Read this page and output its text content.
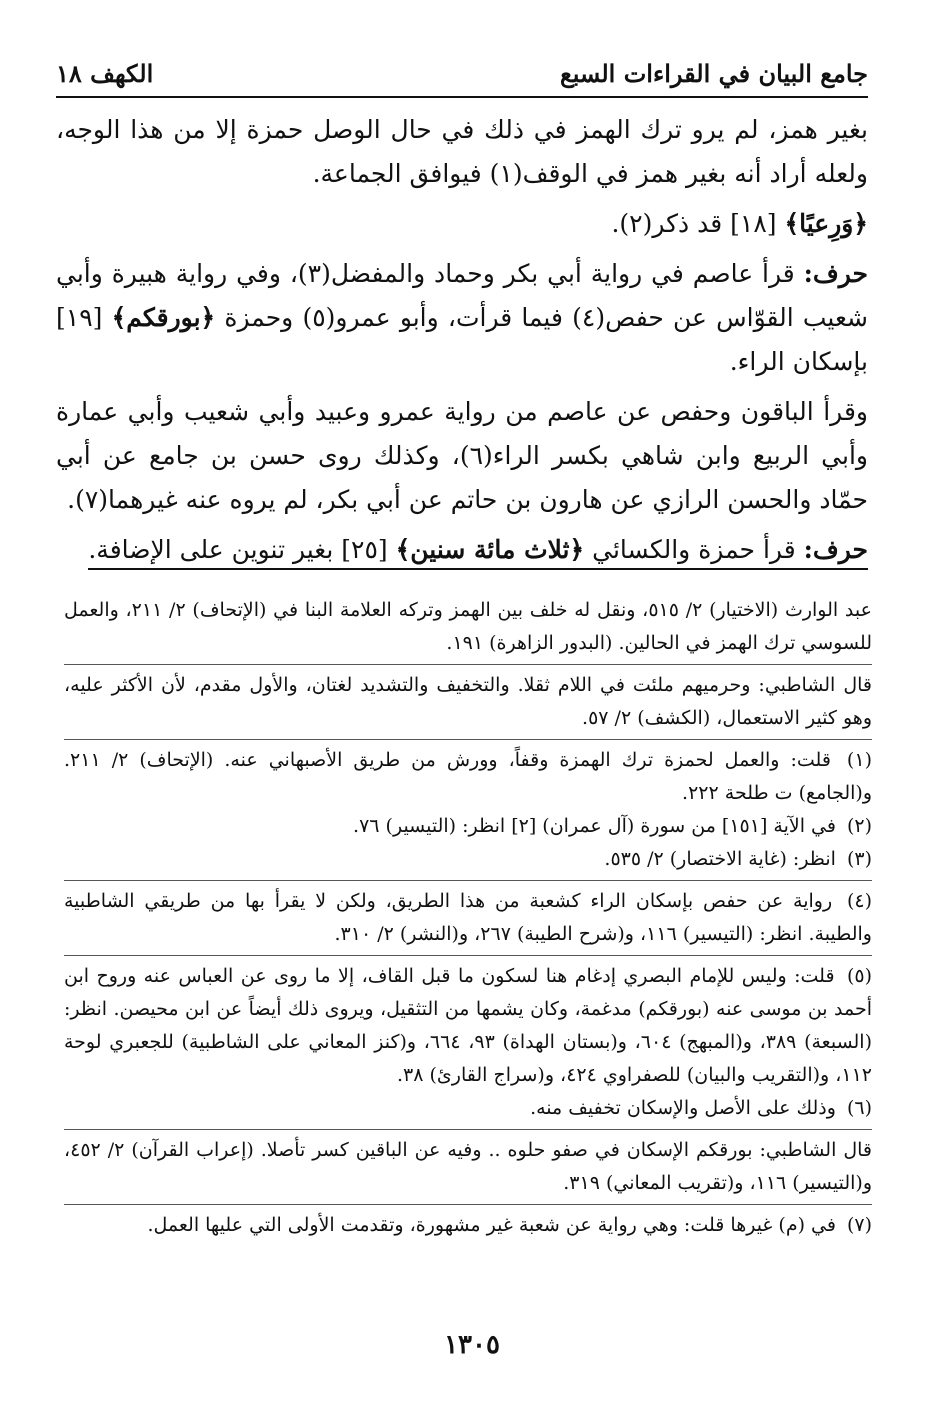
جامع البيان في القراءات السبع
الكهف ١٨

بغير همز، لم يرو ترك الهمز في ذلك في حال الوصل حمزة إلا من هذا الوجه، ولعله أراد أنه بغير همز في الوقف(١) فيوافق الجماعة.

﴿وَرِعيًا﴾ [١٨] قد ذكر(٢).

حرف: قرأ عاصم في رواية أبي بكر وحماد والمفضل(٣)، وفي رواية هبيرة وأبي شعيب القوّاس عن حفص(٤) فيما قرأت، وأبو عمرو(٥) وحمزة ﴿بورقكم﴾ [١٩] بإسكان الراء.

وقرأ الباقون وحفص عن عاصم من رواية عمرو وعبيد وأبي شعيب وأبي عمارة وأبي الربيع وابن شاهي بكسر الراء(٦)، وكذلك روى حسن بن جامع عن أبي حمّاد والحسن الرازي عن هارون بن حاتم عن أبي بكر، لم يروه عنه غيرهما(٧).

حرف: قرأ حمزة والكسائي ﴿ثلاث مائة سنين﴾ [٢٥] بغير تنوين على الإضافة.

عبد الوارث (الاختيار) ٢/ ٥١٥، ونقل له خلف بين الهمز وتركه العلامة البنا في (الإتحاف) ٢/ ٢١١، والعمل للسوسي ترك الهمز في الحالين. (البدور الزاهرة) ١٩١.

قال الشاطبي: وحرميهم ملئت في اللام ثقلا. والتخفيف والتشديد لغتان، والأول مقدم، لأن الأكثر عليه، وهو كثير الاستعمال، (الكشف) ٢/ ٥٧.

(١) قلت: والعمل لحمزة ترك الهمزة وقفاً، وورش من طريق الأصبهاني عنه. (الإتحاف) ٢/ ٢١١. و(الجامع) ت طلحة ٢٢٢.

(٢) في الآية [١٥١] من سورة (آل عمران) [٢] انظر: (التيسير) ٧٦.

(٣) انظر: (غاية الاختصار) ٢/ ٥٣٥.

(٤) رواية عن حفص بإسكان الراء كشعبة من هذا الطريق، ولكن لا يقرأ بها من طريقي الشاطبية والطيبة. انظر: (التيسير) ١١٦، و(شرح الطيبة) ٢٦٧، و(النشر) ٢/ ٣١٠.

(٥) قلت: وليس للإمام البصري إدغام هنا لسكون ما قبل القاف، إلا ما روى عن العباس عنه وروح ابن أحمد بن موسى عنه (بورقكم) مدغمة، وكان يشمها من التثقيل، ويروى ذلك أيضاً عن ابن محيصن. انظر: (السبعة) ٣٨٩، و(المبهج) ٦٠٤، و(بستان الهداة) ٩٣، ٦٦٤، و(كنز المعاني على الشاطبية) للجعبري لوحة ١١٢، و(التقريب والبيان) للصفراوي ٤٢٤، و(سراج القارئ) ٣٨.

(٦) وذلك على الأصل والإسكان تخفيف منه.

قال الشاطبي: بورقكم الإسكان في صفو حلوه .. وفيه عن الباقين كسر تأصلا. (إعراب القرآن) ٢/ ٤٥٢، و(التيسير) ١١٦، و(تقريب المعاني) ٣١٩.

(٧) في (م) غيرها قلت: وهي رواية عن شعبة غير مشهورة، وتقدمت الأولى التي عليها العمل.

١٣٠٥
